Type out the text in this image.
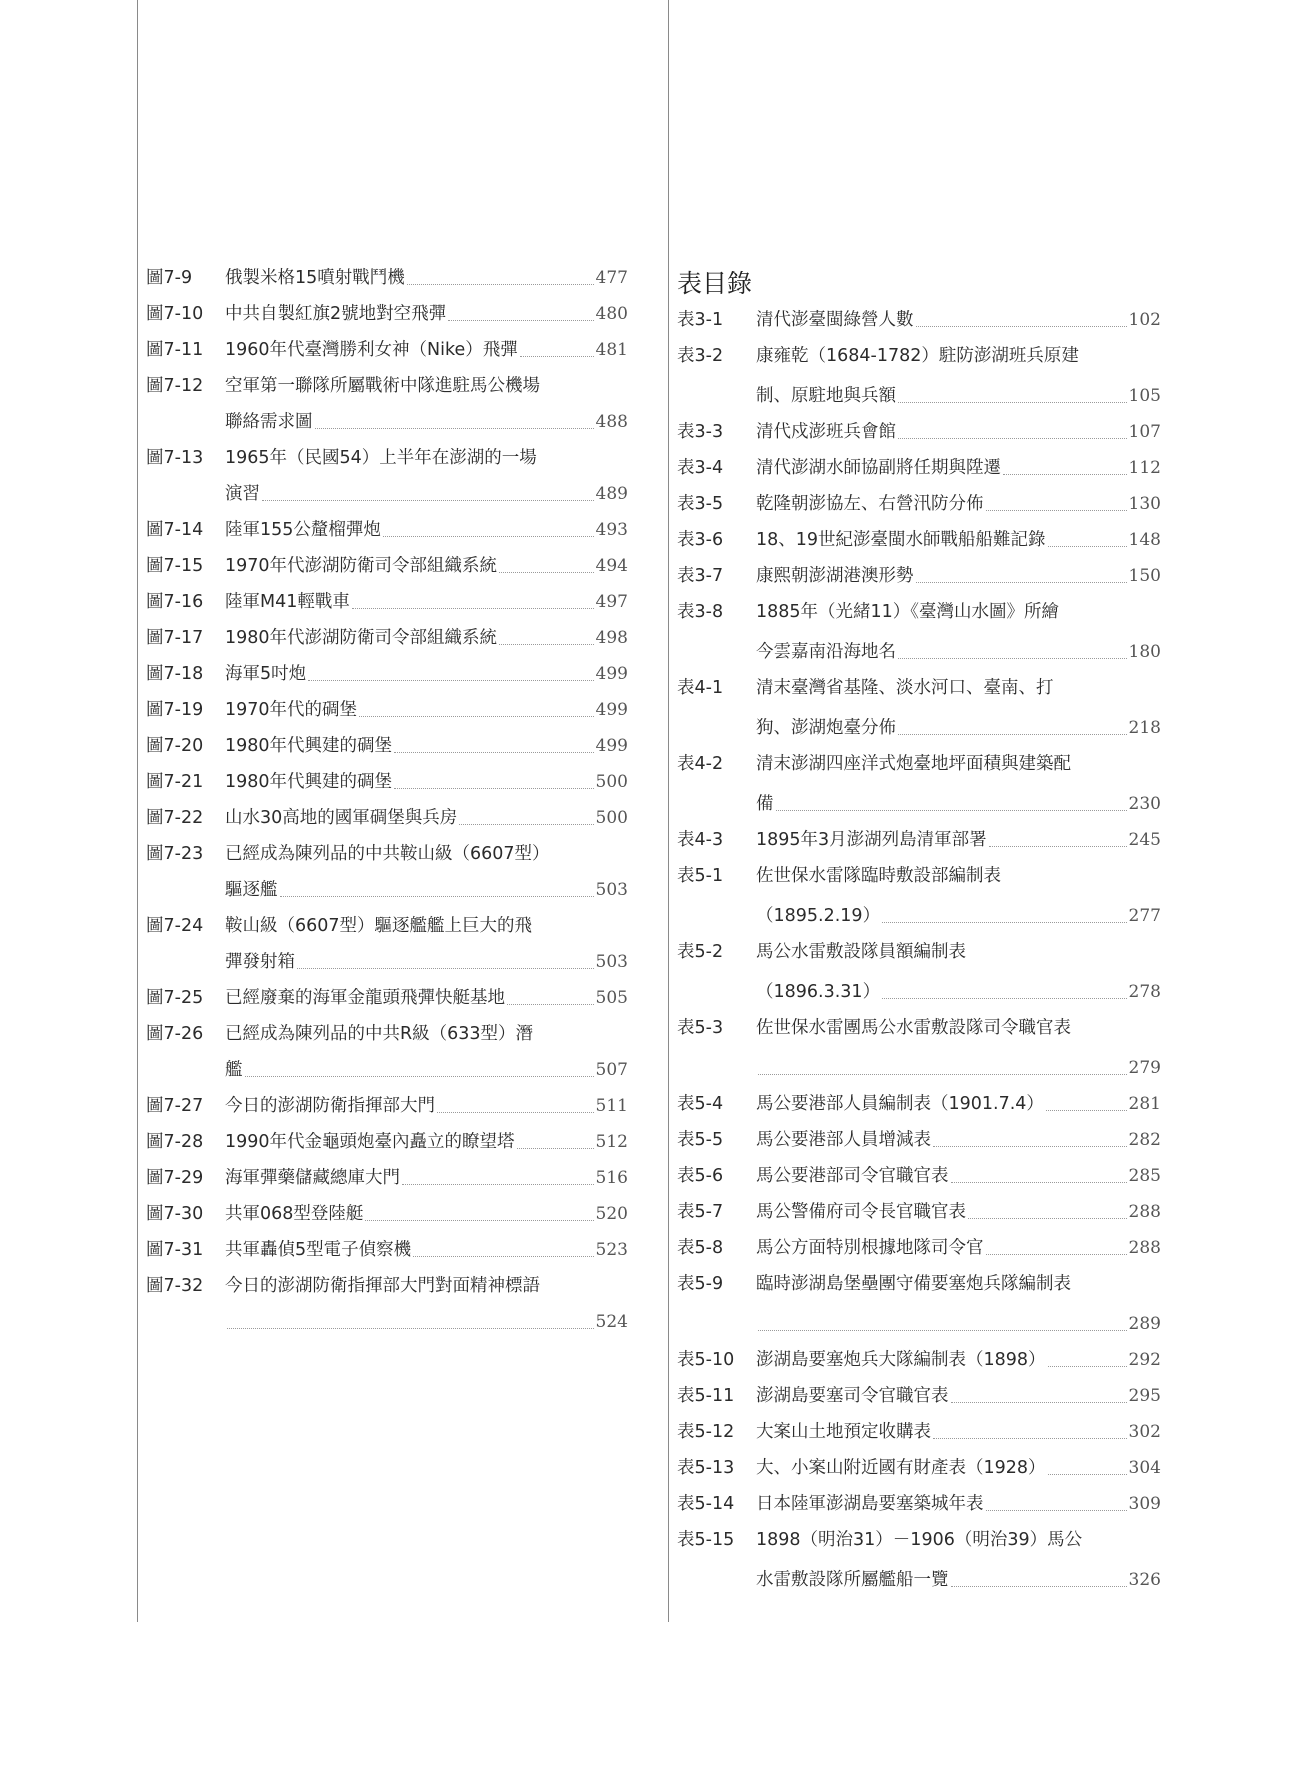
圖7-9	俄製米格15噴射戰鬥機	477
圖7-10	中共自製紅旗2號地對空飛彈	480
圖7-11	1960年代臺灣勝利女神（Nike）飛彈	481
圖7-12	空軍第一聯隊所屬戰術中隊進駐馬公機場
聯絡需求圖	488
圖7-13	1965年（民國54）上半年在澎湖的一場
演習	489
圖7-14	陸軍155公釐榴彈炮	493
圖7-15	1970年代澎湖防衛司令部組織系統	494
圖7-16	陸軍M41輕戰車	497
圖7-17	1980年代澎湖防衛司令部組織系統	498
圖7-18	海軍5吋炮	499
圖7-19	1970年代的碉堡	499
圖7-20	1980年代興建的碉堡	499
圖7-21	1980年代興建的碉堡	500
圖7-22	山水30高地的國軍碉堡與兵房	500
圖7-23	已經成為陳列品的中共鞍山級（6607型）
驅逐艦	503
圖7-24	鞍山級（6607型）驅逐艦艦上巨大的飛
彈發射箱	503
圖7-25	已經廢棄的海軍金龍頭飛彈快艇基地	505
圖7-26	已經成為陳列品的中共R級（633型）潛
艦	507
圖7-27	今日的澎湖防衛指揮部大門	511
圖7-28	1990年代金龜頭炮臺內矗立的瞭望塔	512
圖7-29	海軍彈藥儲藏總庫大門	516
圖7-30	共軍068型登陸艇	520
圖7-31	共軍轟偵5型電子偵察機	523
圖7-32	今日的澎湖防衛指揮部大門對面精神標語
524
表目錄
表3-1	清代澎臺閩綠營人數	102
表3-2	康雍乾（1684-1782）駐防澎湖班兵原建
制、原駐地與兵額	105
表3-3	清代戍澎班兵會館	107
表3-4	清代澎湖水師協副將任期與陞遷	112
表3-5	乾隆朝澎協左、右營汛防分佈	130
表3-6	18、19世紀澎臺閩水師戰船船難記錄	148
表3-7	康熙朝澎湖港澳形勢	150
表3-8	1885年（光緒11）《臺灣山水圖》所繪
今雲嘉南沿海地名	180
表4-1	清末臺灣省基隆、淡水河口、臺南、打
狗、澎湖炮臺分佈	218
表4-2	清末澎湖四座洋式炮臺地坪面積與建築配
備	230
表4-3	1895年3月澎湖列島清軍部署	245
表5-1	佐世保水雷隊臨時敷設部編制表
（1895.2.19）	277
表5-2	馬公水雷敷設隊員額編制表
（1896.3.31）	278
表5-3	佐世保水雷團馬公水雷敷設隊司令職官表
279
表5-4	馬公要港部人員編制表（1901.7.4）	281
表5-5	馬公要港部人員增減表	282
表5-6	馬公要港部司令官職官表	285
表5-7	馬公警備府司令長官職官表	288
表5-8	馬公方面特別根據地隊司令官	288
表5-9	臨時澎湖島堡壘團守備要塞炮兵隊編制表
289
表5-10	澎湖島要塞炮兵大隊編制表（1898）	292
表5-11	澎湖島要塞司令官職官表	295
表5-12	大案山土地預定收購表	302
表5-13	大、小案山附近國有財產表（1928）	304
表5-14	日本陸軍澎湖島要塞築城年表	309
表5-15	1898（明治31）－1906（明治39）馬公
水雷敷設隊所屬艦船一覽	326
